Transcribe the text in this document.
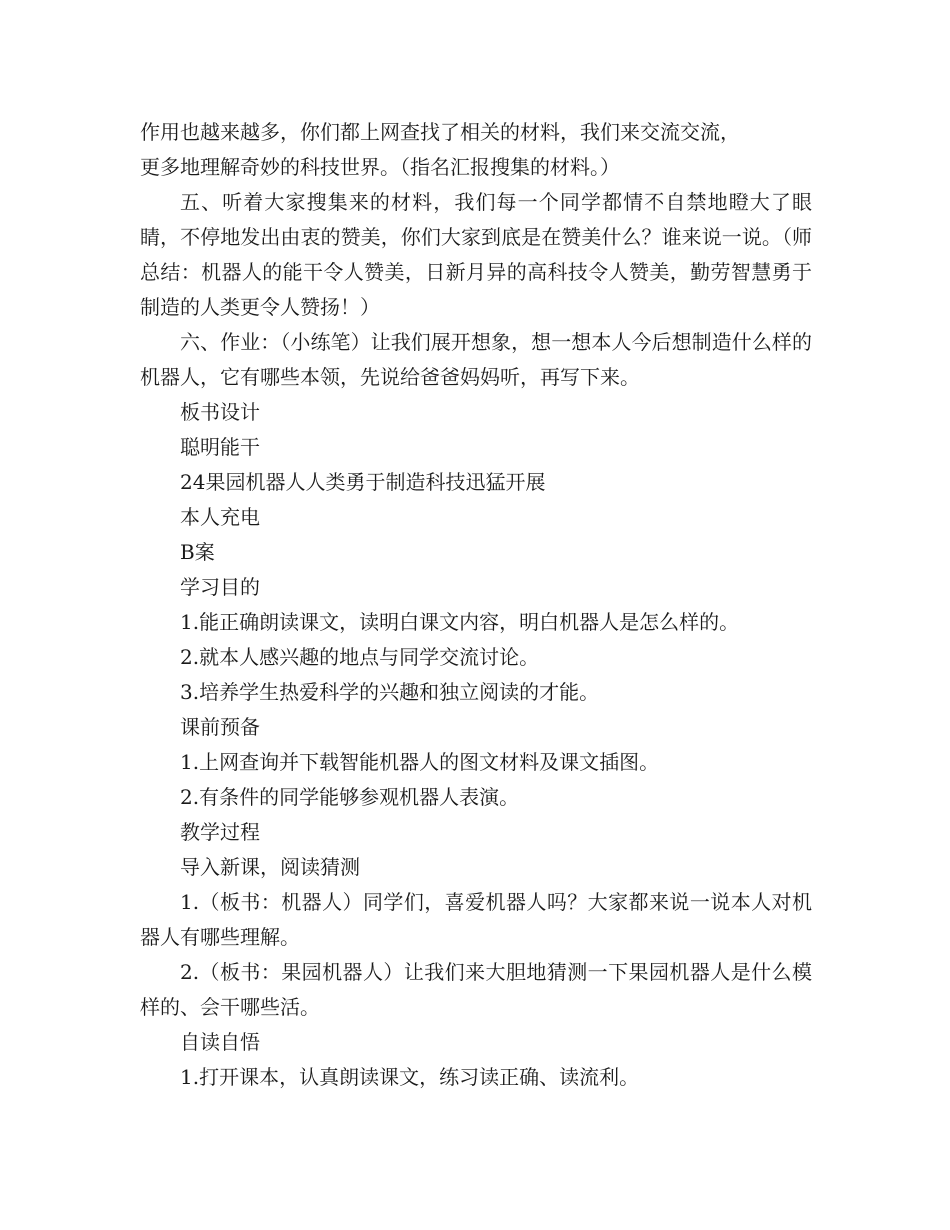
作用也越来越多，你们都上网查找了相关的材料，我们来交流交流，

更多地理解奇妙的科技世界。（指名汇报搜集的材料。）

五、听着大家搜集来的材料，我们每一个同学都情不自禁地瞪大了眼睛，不停地发出由衷的赞美，你们大家到底是在赞美什么？谁来说一说。（师总结：机器人的能干令人赞美，日新月异的高科技令人赞美，勤劳智慧勇于制造的人类更令人赞扬！）

六、作业：（小练笔）让我们展开想象，想一想本人今后想制造什么样的机器人，它有哪些本领，先说给爸爸妈妈听，再写下来。

板书设计

聪明能干

24果园机器人人类勇于制造科技迅猛开展

本人充电

B案

学习目的

1.能正确朗读课文，读明白课文内容，明白机器人是怎么样的。

2.就本人感兴趣的地点与同学交流讨论。

3.培养学生热爱科学的兴趣和独立阅读的才能。

课前预备

1.上网查询并下载智能机器人的图文材料及课文插图。

2.有条件的同学能够参观机器人表演。

教学过程

导入新课，阅读猜测

1.（板书：机器人）同学们，喜爱机器人吗？大家都来说一说本人对机器人有哪些理解。

2.（板书：果园机器人）让我们来大胆地猜测一下果园机器人是什么模样的、会干哪些活。

自读自悟

1.打开课本，认真朗读课文，练习读正确、读流利。
